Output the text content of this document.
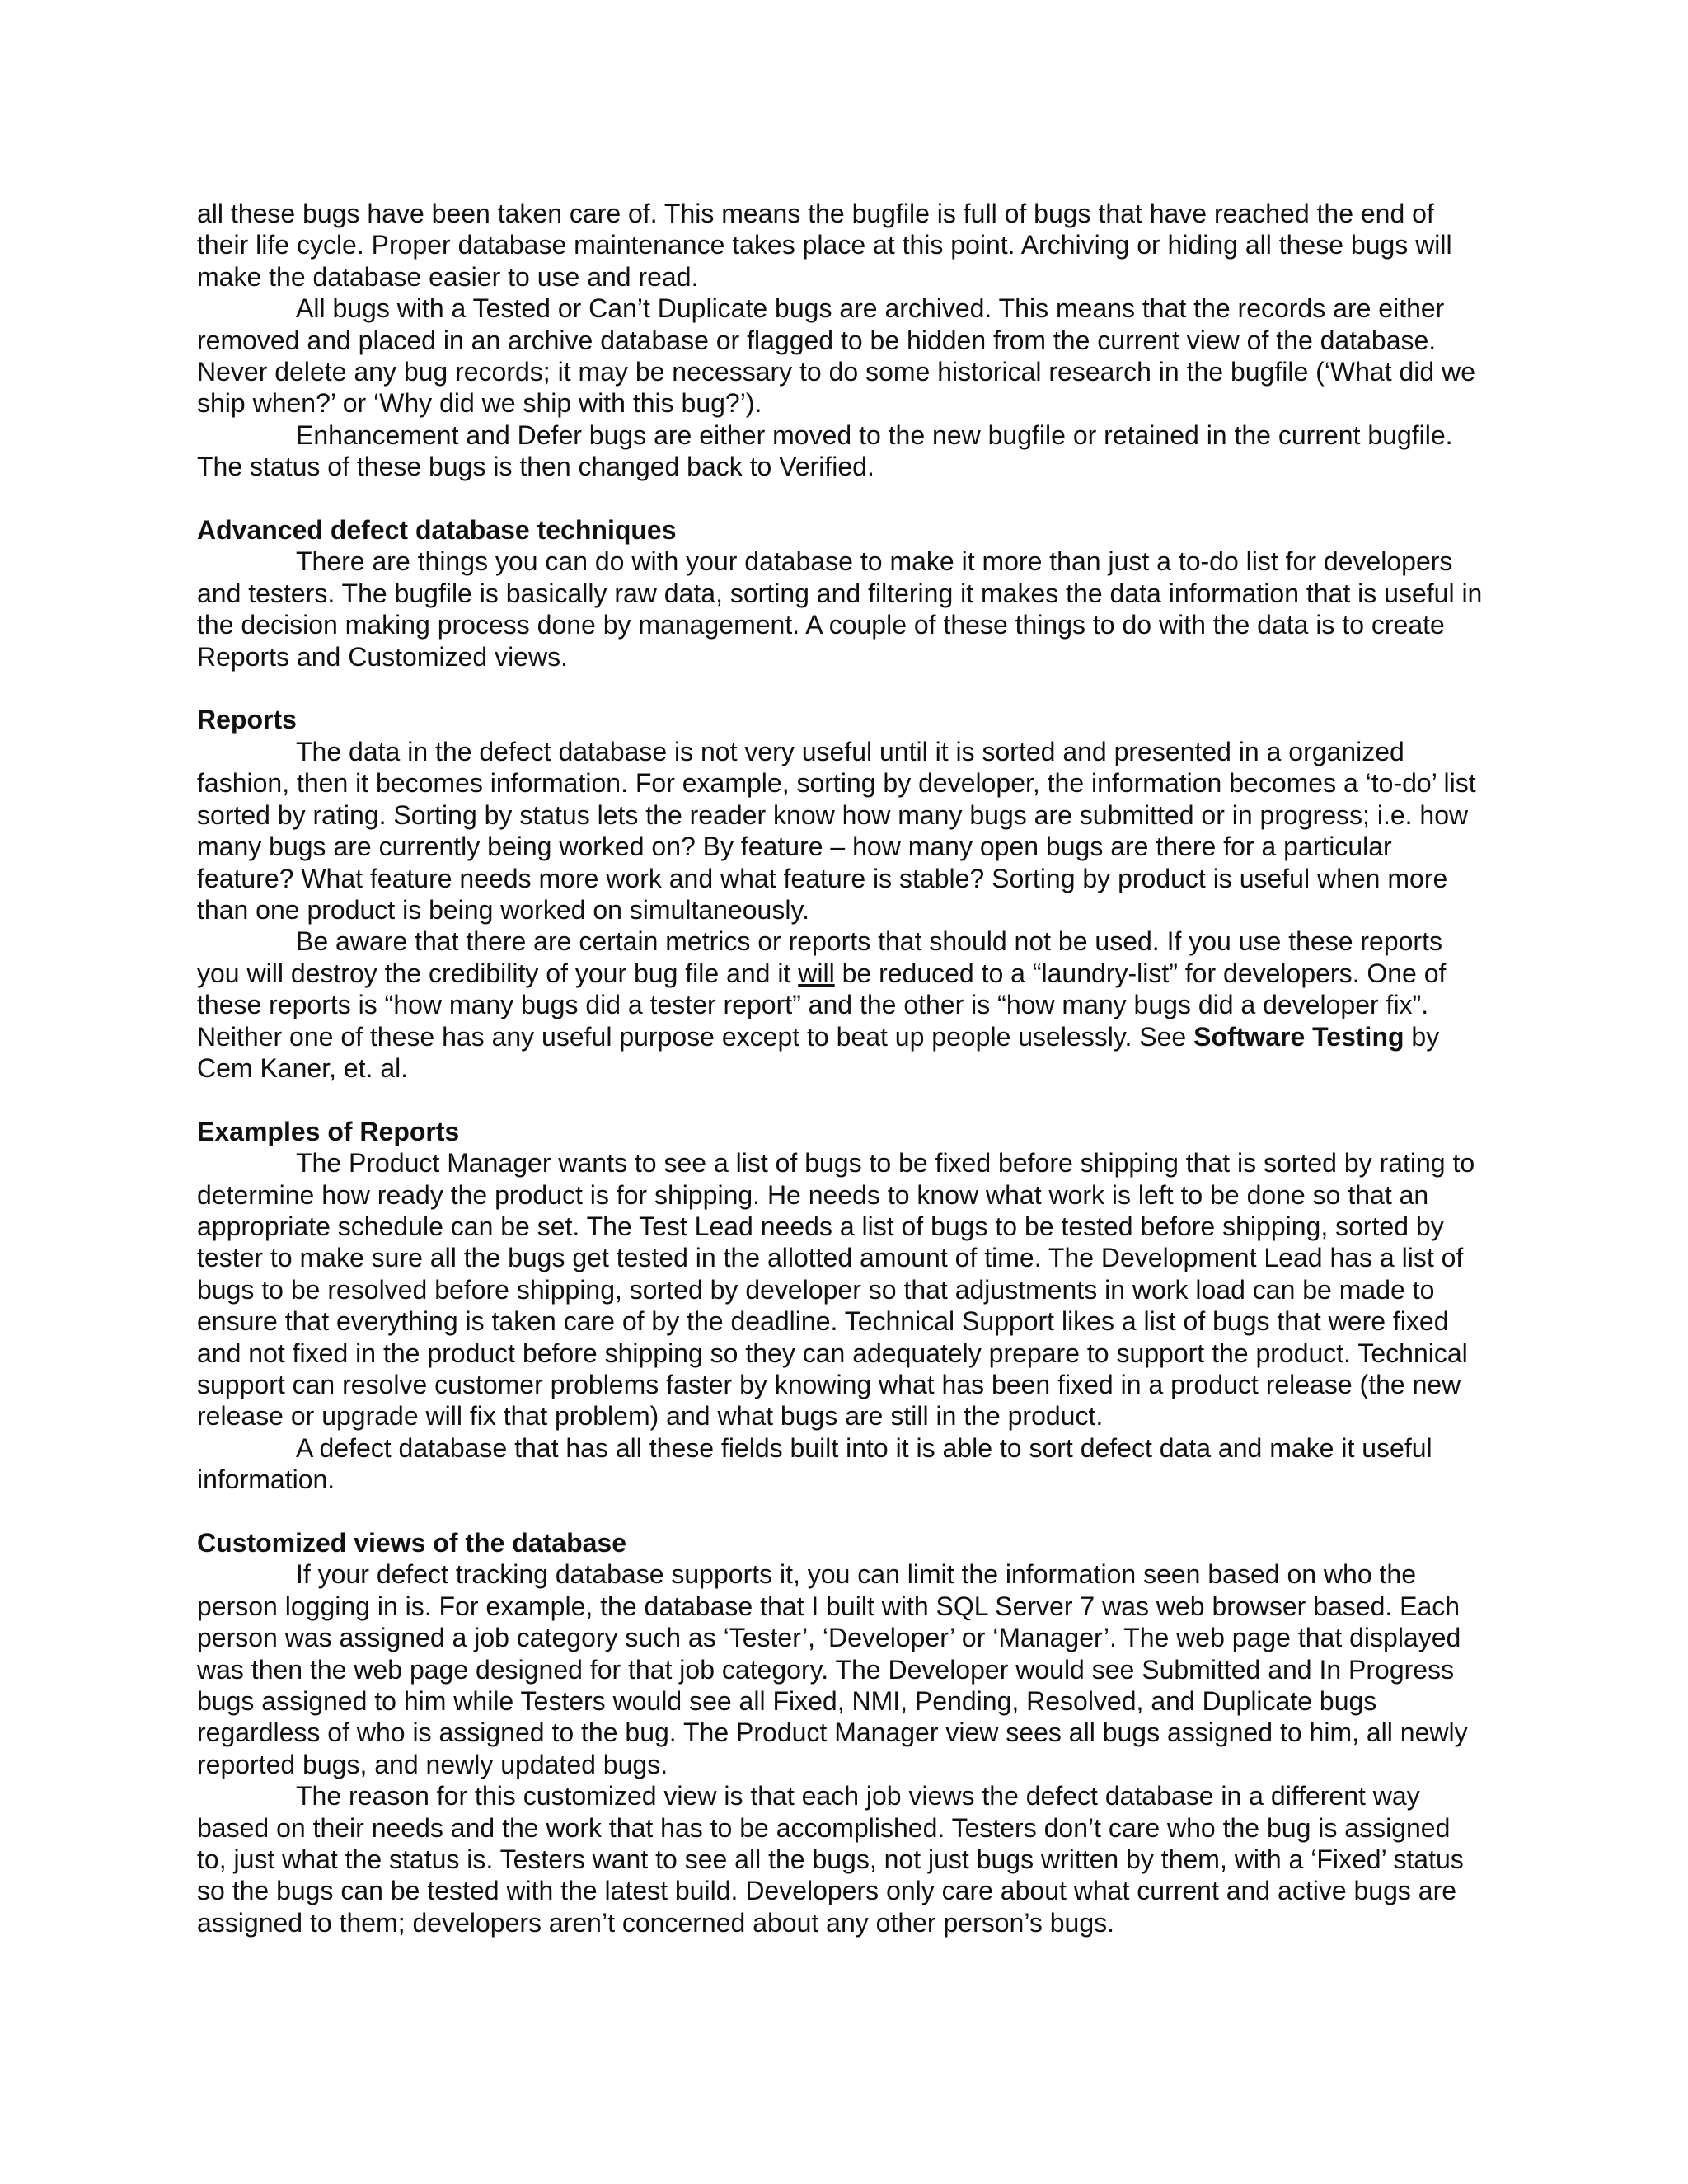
all these bugs have been taken care of. This means the bugfile is full of bugs that have reached the end of their life cycle. Proper database maintenance takes place at this point. Archiving or hiding all these bugs will make the database easier to use and read.

All bugs with a Tested or Can’t Duplicate bugs are archived. This means that the records are either removed and placed in an archive database or flagged to be hidden from the current view of the database. Never delete any bug records; it may be necessary to do some historical research in the bugfile (‘What did we ship when?’ or ‘Why did we ship with this bug?’).

Enhancement and Defer bugs are either moved to the new bugfile or retained in the current bugfile. The status of these bugs is then changed back to Verified.

Advanced defect database techniques

There are things you can do with your database to make it more than just a to-do list for developers and testers. The bugfile is basically raw data, sorting and filtering it makes the data information that is useful in the decision making process done by management. A couple of these things to do with the data is to create Reports and Customized views.

Reports

The data in the defect database is not very useful until it is sorted and presented in a organized fashion, then it becomes information. For example, sorting by developer, the information becomes a ‘to-do’ list sorted by rating. Sorting by status lets the reader know how many bugs are submitted or in progress; i.e. how many bugs are currently being worked on? By feature – how many open bugs are there for a particular feature? What feature needs more work and what feature is stable? Sorting by product is useful when more than one product is being worked on simultaneously.

Be aware that there are certain metrics or reports that should not be used. If you use these reports you will destroy the credibility of your bug file and it will be reduced to a “laundry-list” for developers. One of these reports is “how many bugs did a tester report” and the other is “how many bugs did a developer fix”. Neither one of these has any useful purpose except to beat up people uselessly. See Software Testing by Cem Kaner, et. al.

Examples of Reports

The Product Manager wants to see a list of bugs to be fixed before shipping that is sorted by rating to determine how ready the product is for shipping. He needs to know what work is left to be done so that an appropriate schedule can be set. The Test Lead needs a list of bugs to be tested before shipping, sorted by tester to make sure all the bugs get tested in the allotted amount of time. The Development Lead has a list of bugs to be resolved before shipping, sorted by developer so that adjustments in work load can be made to ensure that everything is taken care of by the deadline. Technical Support likes a list of bugs that were fixed and not fixed in the product before shipping so they can adequately prepare to support the product. Technical support can resolve customer problems faster by knowing what has been fixed in a product release (the new release or upgrade will fix that problem) and what bugs are still in the product.

A defect database that has all these fields built into it is able to sort defect data and make it useful information.

Customized views of the database

If your defect tracking database supports it, you can limit the information seen based on who the person logging in is. For example, the database that I built with SQL Server 7 was web browser based. Each person was assigned a job category such as ‘Tester’, ‘Developer’ or ‘Manager’. The web page that displayed was then the web page designed for that job category. The Developer would see Submitted and In Progress bugs assigned to him while Testers would see all Fixed, NMI, Pending, Resolved, and Duplicate bugs regardless of who is assigned to the bug. The Product Manager view sees all bugs assigned to him, all newly reported bugs, and newly updated bugs.

The reason for this customized view is that each job views the defect database in a different way based on their needs and the work that has to be accomplished. Testers don’t care who the bug is assigned to, just what the status is. Testers want to see all the bugs, not just bugs written by them, with a ‘Fixed’ status so the bugs can be tested with the latest build. Developers only care about what current and active bugs are assigned to them; developers aren’t concerned about any other person’s bugs.
